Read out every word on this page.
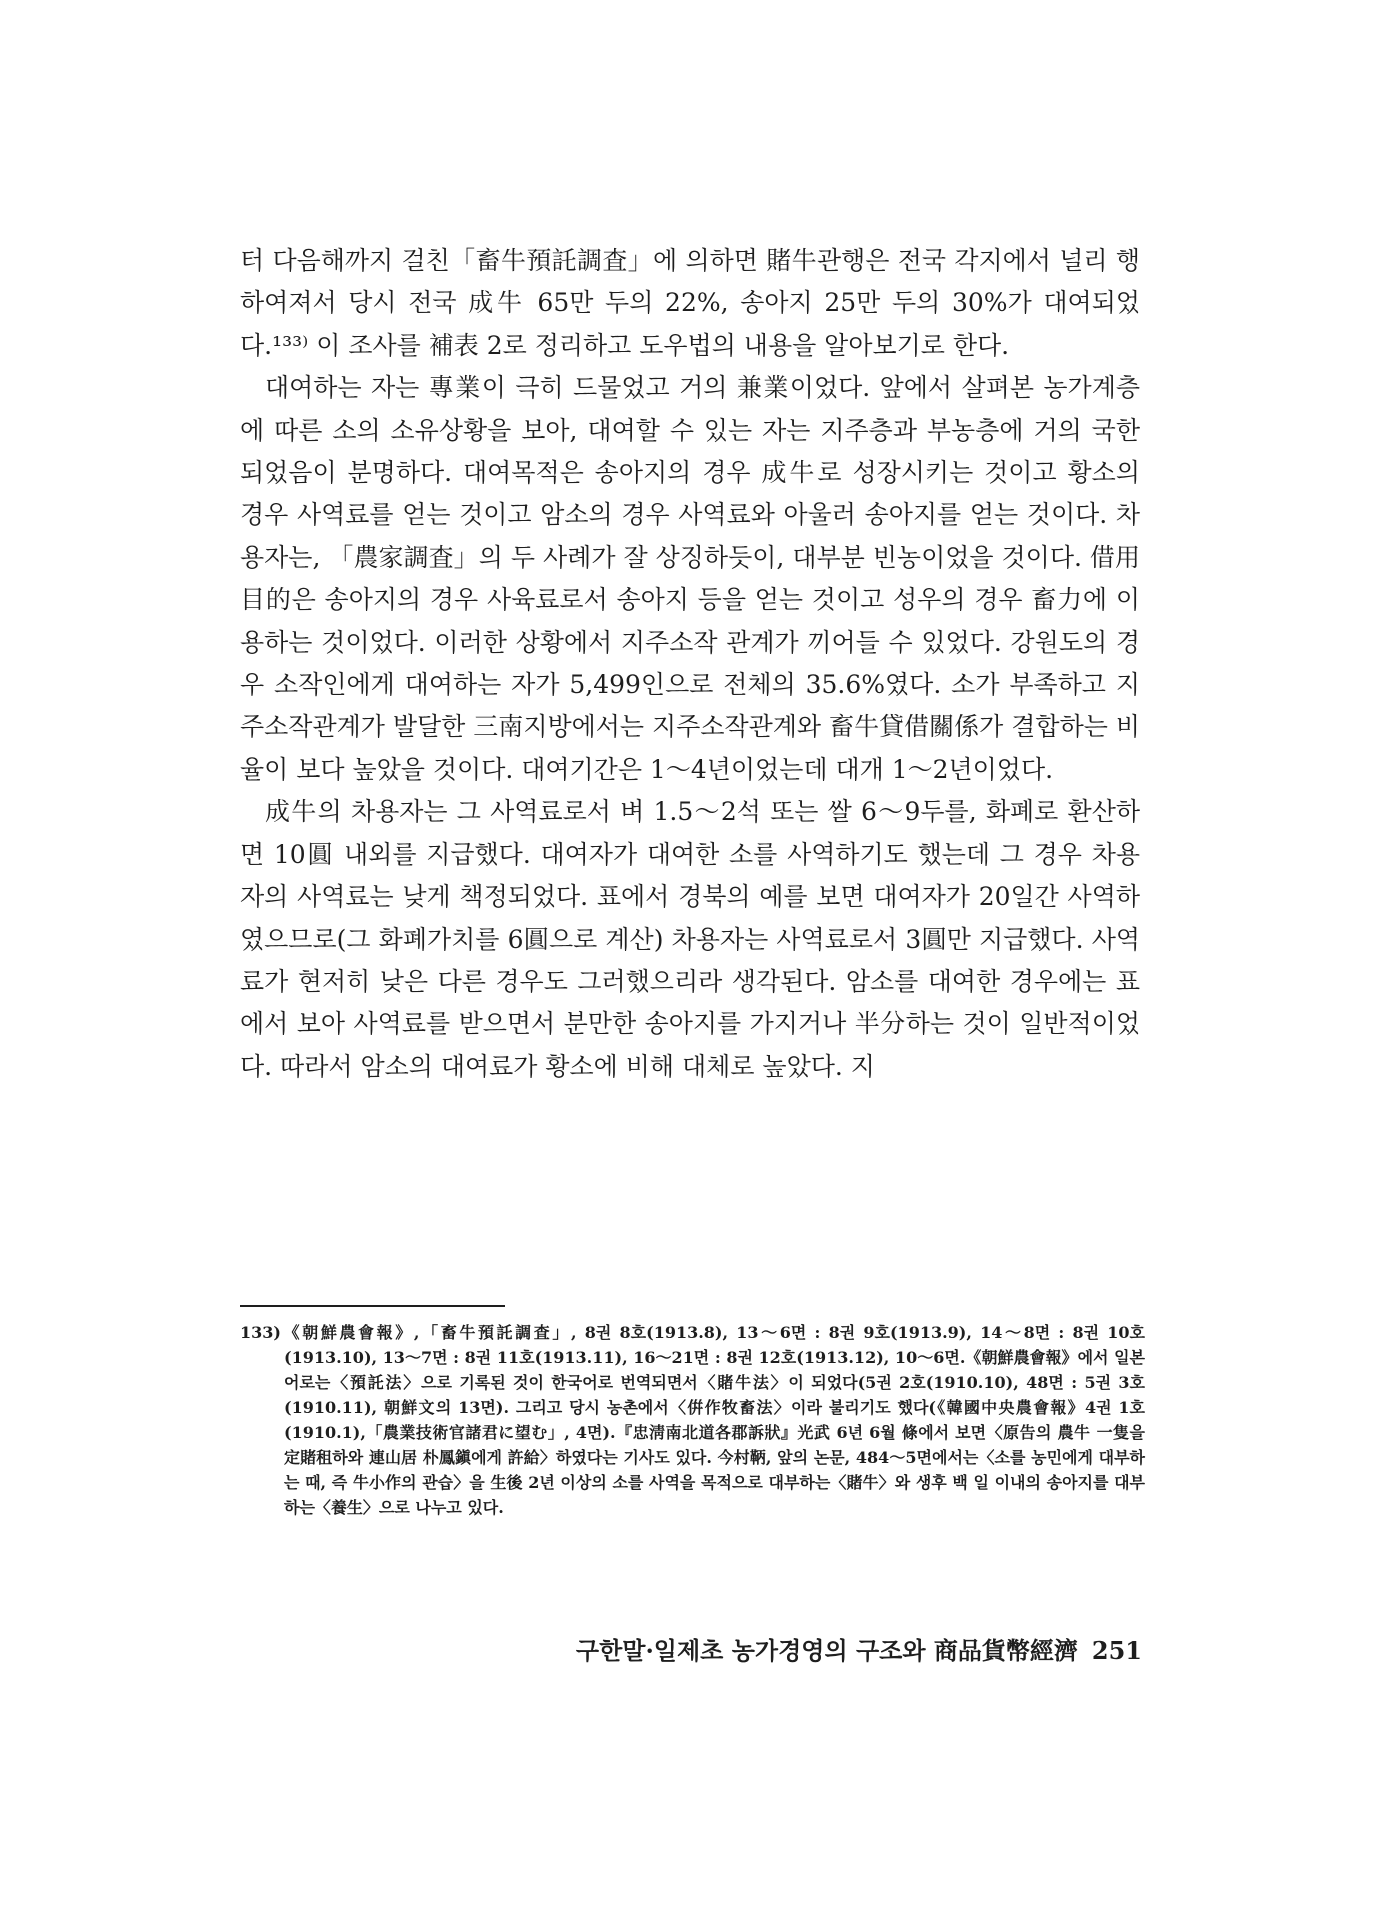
터 다음해까지 걸친「畜牛預託調査」에 의하면 賭牛관행은 전국 각지에서 널리 행하여져서 당시 전국 成牛 65만 두의 22%, 송아지 25만 두의 30%가 대여되었다.¹³³⁾ 이 조사를 補表 2로 정리하고 도우법의 내용을 알아보기로 한다.

대여하는 자는 專業이 극히 드물었고 거의 兼業이었다. 앞에서 살펴본 농가계층에 따른 소의 소유상황을 보아, 대여할 수 있는 자는 지주층과 부농층에 거의 국한되었음이 분명하다. 대여목적은 송아지의 경우 成牛로 성장시키는 것이고 황소의 경우 사역료를 얻는 것이고 암소의 경우 사역료와 아울러 송아지를 얻는 것이다. 차용자는, 「農家調査」의 두 사례가 잘 상징하듯이, 대부분 빈농이었을 것이다. 借用目的은 송아지의 경우 사육료로서 송아지 등을 얻는 것이고 성우의 경우 畜力에 이용하는 것이었다. 이러한 상황에서 지주소작 관계가 끼어들 수 있었다. 강원도의 경우 소작인에게 대여하는 자가 5,499인으로 전체의 35.6%였다. 소가 부족하고 지주소작관계가 발달한 三南지방에서는 지주소작관계와 畜牛貸借關係가 결합하는 비율이 보다 높았을 것이다. 대여기간은 1～4년이었는데 대개 1～2년이었다.

成牛의 차용자는 그 사역료로서 벼 1.5～2석 또는 쌀 6～9두를, 화폐로 환산하면 10圓 내외를 지급했다. 대여자가 대여한 소를 사역하기도 했는데 그 경우 차용자의 사역료는 낮게 책정되었다. 표에서 경북의 예를 보면 대여자가 20일간 사역하였으므로(그 화폐가치를 6圓으로 계산) 차용자는 사역료로서 3圓만 지급했다. 사역료가 현저히 낮은 다른 경우도 그러했으리라 생각된다. 암소를 대여한 경우에는 표에서 보아 사역료를 받으면서 분만한 송아지를 가지거나 半分하는 것이 일반적이었다. 따라서 암소의 대여료가 황소에 비해 대체로 높았다. 지

133)《朝鮮農會報》,「畜牛預託調査」, 8권 8호(1913.8), 13～6면 : 8권 9호(1913.9), 14～8면 : 8권 10호(1913.10), 13～7면 : 8권 11호(1913.11), 16～21면 : 8권 12호(1913.12), 10～6면.《朝鮮農會報》에서 일본어로는〈預託法〉으로 기록된 것이 한국어로 번역되면서〈賭牛法〉이 되었다(5권 2호(1910.10), 48면 : 5권 3호(1910.11), 朝鮮文의 13면). 그리고 당시 농촌에서〈倂作牧畜法〉이라 불리기도 했다(《韓國中央農會報》4권 1호(1910.1),「農業技術官諸君に望む」, 4면).『忠淸南北道各郡訴狀』光武 6년 6월 條에서 보면〈原告의 農牛 一隻을 定賭租하와 連山居 朴鳳鎭에게 許給〉하였다는 기사도 있다. 今村鞆, 앞의 논문, 484～5면에서는〈소를 농민에게 대부하는 때, 즉 牛小作의 관습〉을 生後 2년 이상의 소를 사역을 목적으로 대부하는〈賭牛〉와 생후 백 일 이내의 송아지를 대부하는〈養生〉으로 나누고 있다.

구한말·일제초 농가경영의 구조와 商品貨幣經濟 251
